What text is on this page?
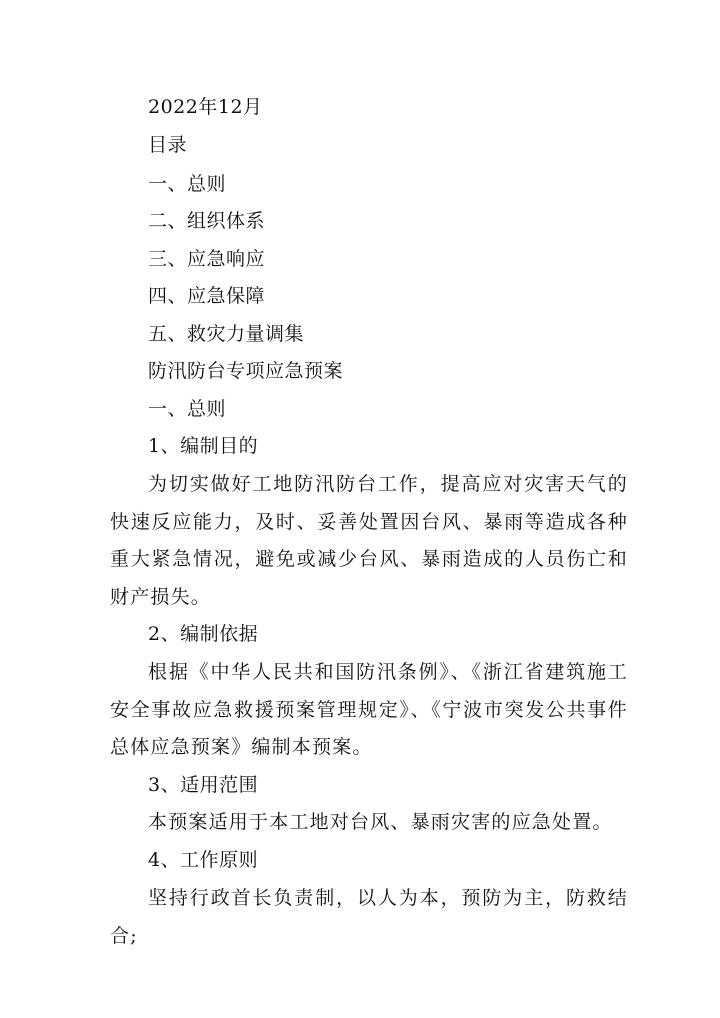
2022年12月
目录
一、总则
二、组织体系
三、应急响应
四、应急保障
五、救灾力量调集
防汛防台专项应急预案
一、总则
1、编制目的
为切实做好工地防汛防台工作，提高应对灾害天气的快速反应能力，及时、妥善处置因台风、暴雨等造成各种重大紧急情况，避免或减少台风、暴雨造成的人员伤亡和财产损失。
2、编制依据
根据《中华人民共和国防汛条例》、《浙江省建筑施工安全事故应急救援预案管理规定》、《宁波市突发公共事件总体应急预案》编制本预案。
3、适用范围
本预案适用于本工地对台风、暴雨灾害的应急处置。
4、工作原则
坚持行政首长负责制，以人为本，预防为主，防救结合;
